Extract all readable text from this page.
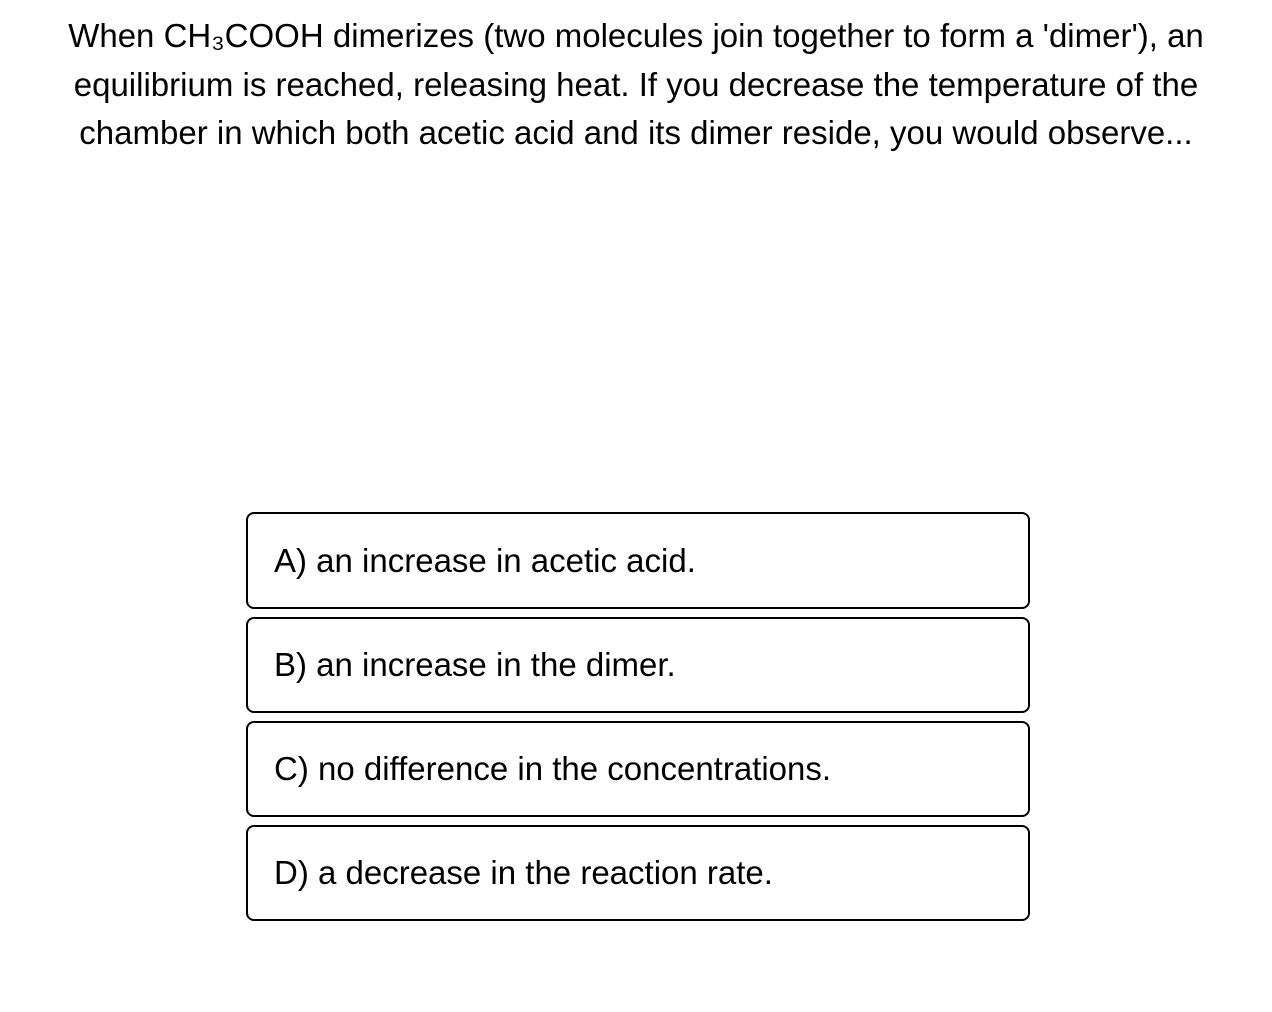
When CH₃COOH dimerizes (two molecules join together to form a 'dimer'), an equilibrium is reached, releasing heat. If you decrease the temperature of the chamber in which both acetic acid and its dimer reside, you would observe...

A) an increase in acetic acid.
B) an increase in the dimer.
C) no difference in the concentrations.
D) a decrease in the reaction rate.
